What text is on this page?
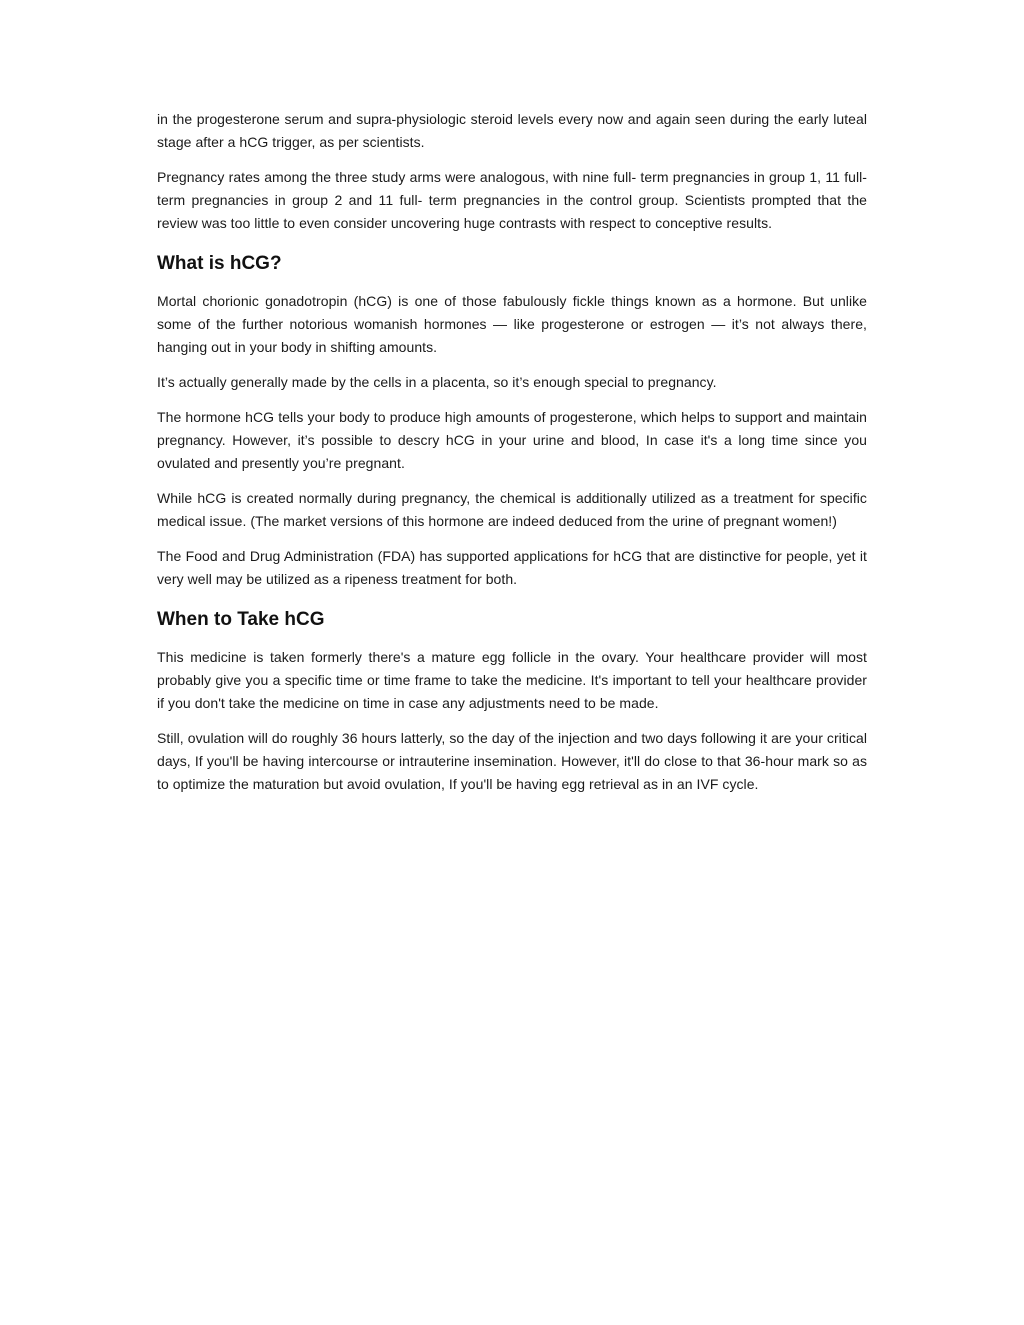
in the progesterone serum and supra-physiologic steroid levels every now and again seen during the early luteal stage after a hCG trigger, as per scientists.

Pregnancy rates among the three study arms were analogous, with nine full- term pregnancies in group 1, 11 full- term pregnancies in group 2 and 11 full- term pregnancies in the control group. Scientists prompted that the review was too little to even consider uncovering huge contrasts with respect to conceptive results.

What is hCG?

Mortal chorionic gonadotropin (hCG) is one of those fabulously fickle things known as a hormone. But unlike some of the further notorious womanish hormones — like progesterone or estrogen — it’s not always there, hanging out in your body in shifting amounts.

It’s actually generally made by the cells in a placenta, so it’s enough special to pregnancy.

The hormone hCG tells your body to produce high amounts of progesterone, which helps to support and maintain pregnancy. However, it’s possible to descry hCG in your urine and blood, In case it's a long time since you ovulated and presently you’re pregnant.

While hCG is created normally during pregnancy, the chemical is additionally utilized as a treatment for specific medical issue. (The market versions of this hormone are indeed deduced from the urine of pregnant women!)

The Food and Drug Administration (FDA) has supported applications for hCG that are distinctive for people, yet it very well may be utilized as a ripeness treatment for both.

When to Take hCG

This medicine is taken formerly there's a mature egg follicle in the ovary. Your healthcare provider will most probably give you a specific time or time frame to take the medicine. It's important to tell your healthcare provider if you don't take the medicine on time in case any adjustments need to be made.

Still, ovulation will do roughly 36 hours latterly, so the day of the injection and two days following it are your critical days, If you'll be having intercourse or intrauterine insemination. However, it'll do close to that 36-hour mark so as to optimize the maturation but avoid ovulation, If you'll be having egg retrieval as in an IVF cycle.
